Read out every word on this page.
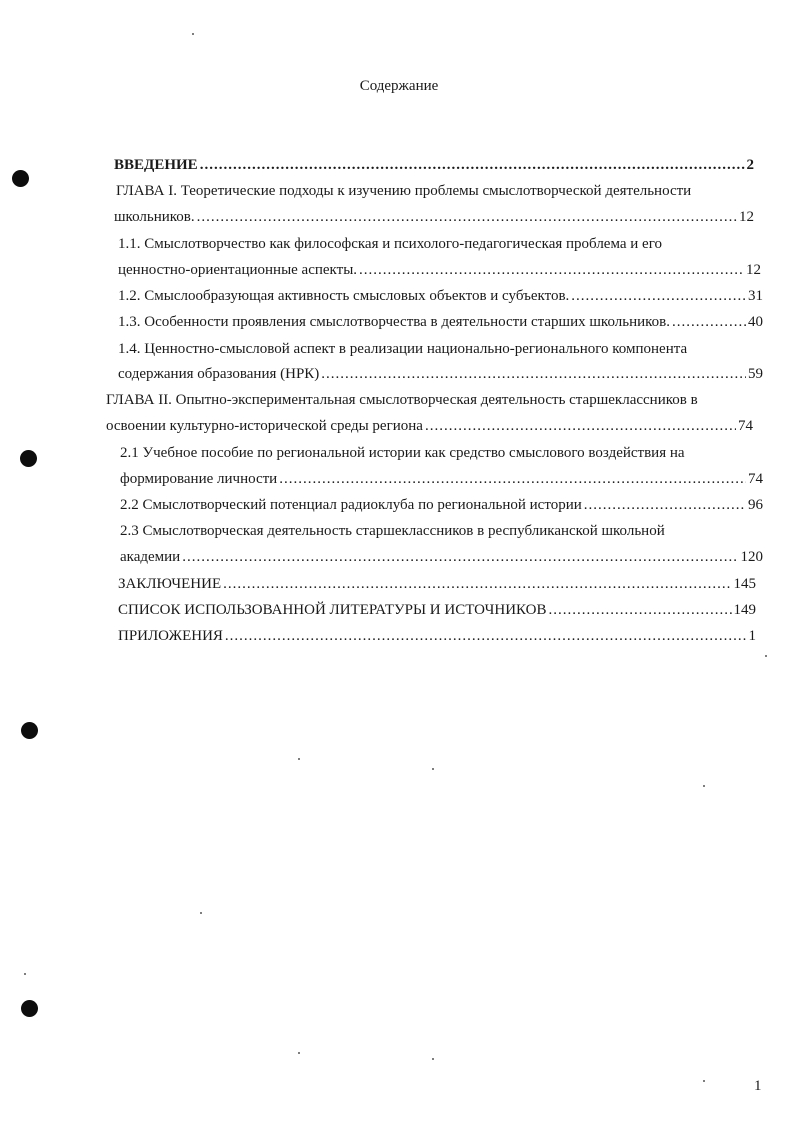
Содержание
ВВЕДЕНИЕ .....	2
ГЛАВА I. Теоретические подходы к изучению проблемы смыслотворческой деятельности
школьников. .....	12
1.1. Смыслотворчество как философская и психолого-педагогическая проблема и его
ценностно-ориентационные аспекты. .....	12
1.2. Смыслообразующая активность смысловых объектов и субъектов. .....	31
1.3. Особенности проявления смыслотворчества в деятельности старших школьников. .....	40
1.4. Ценностно-смысловой аспект в реализации национально-регионального компонента
содержания образования (НРК) .....	59
ГЛАВА II. Опытно-экспериментальная смыслотворческая деятельность старшеклассников в
освоении культурно-исторической среды региона .....	74
2.1 Учебное пособие по региональной истории как средство смыслового воздействия на
формирование личности .....	74
2.2 Смыслотворческий потенциал радиоклуба по региональной истории .....	96
2.3 Смыслотворческая деятельность старшеклассников в республиканской школьной
академии .....	120
ЗАКЛЮЧЕНИЕ .....	145
СПИСОК ИСПОЛЬЗОВАННОЙ ЛИТЕРАТУРЫ И ИСТОЧНИКОВ .....	149
ПРИЛОЖЕНИЯ .....	1
1
